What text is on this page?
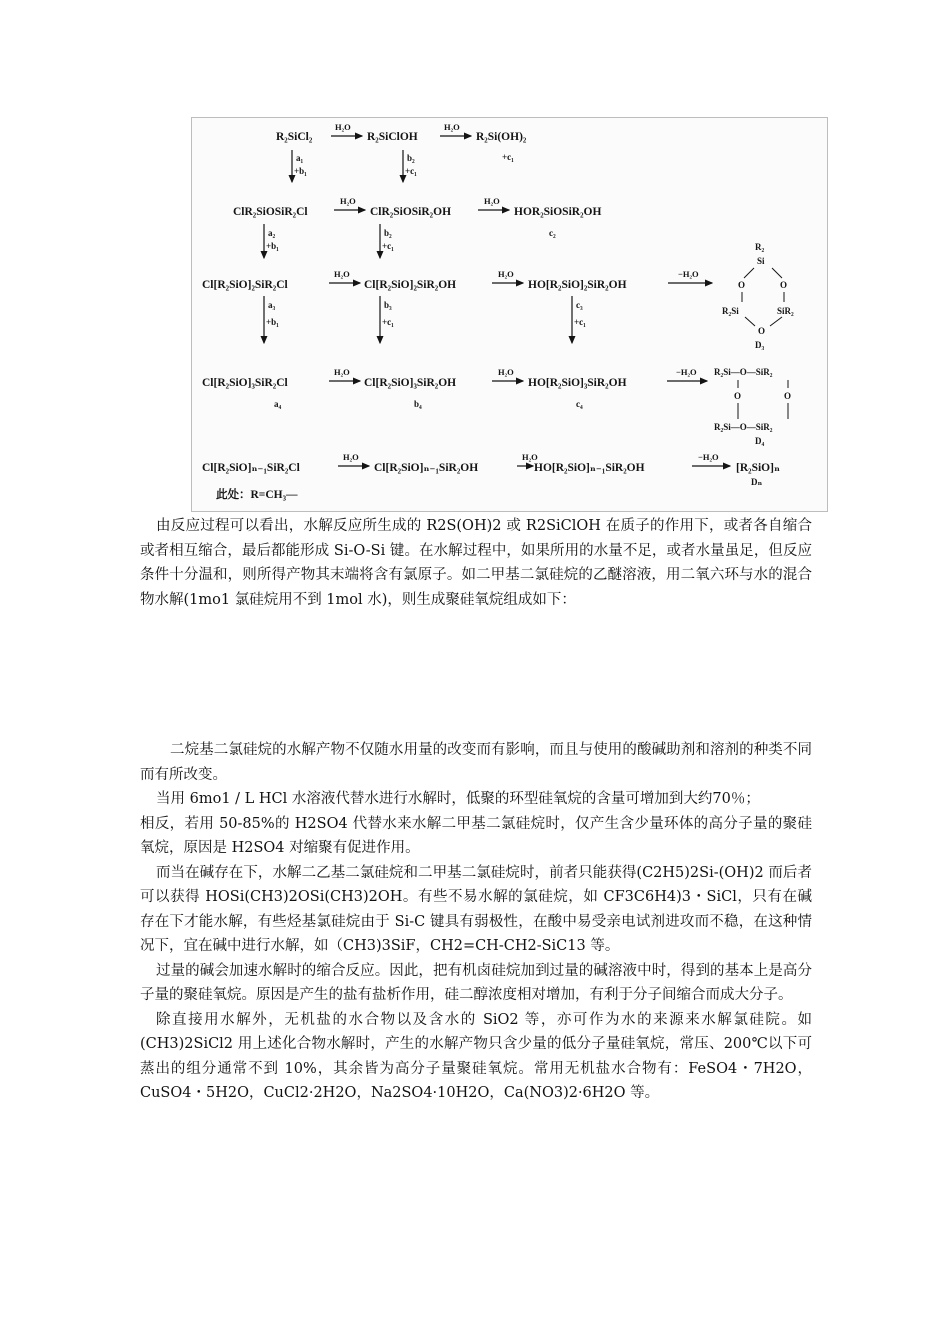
R₂SiCl₂
H₂O
R₂SiClOH
H₂O
R₂Si(OH)₂
+c₁
a₁
+b₁
b₂
+c₁
ClR₂SiOSiR₂Cl
H₂O
ClR₂SiOSiR₂OH
H₂O
HOR₂SiOSiR₂OH
c₂
a₂
+b₁
b₂
+c₁
Cl[R₂SiO]₂SiR₂Cl
H₂O
Cl[R₂SiO]₂SiR₂OH
H₂O
HO[R₂SiO]₂SiR₂OH
−H₂O
R₂
Si
O	O
R₂Si	SiR₂
O
D₃
a₃
+b₁
b₃
+c₁
c₃
+c₁
Cl[R₂SiO]₃SiR₂Cl
a₄
H₂O
Cl[R₂SiO]₃SiR₂OH
b₄
H₂O
HO[R₂SiO]₃SiR₂OH
c₄
−H₂O R₂Si—O—SiR₂
O	O
R₂Si—O—SiR₂
D₄
Cl[R₂SiO]ₙ₋₁SiR₂Cl
H₂O
Cl[R₂SiO]ₙ₋₁SiR₂OH
H₂O
HO[R₂SiO]ₙ₋₁SiR₂OH
−H₂O
[R₂SiO]ₙ
Dₙ
此处：R=CH₃—

由反应过程可以看出，水解反应所生成的 R2S(OH)2 或 R2SiClOH 在质子的作用下，或者各自缩合或者相互缩合，最后都能形成 Si-O-Si 键。在水解过程中，如果所用的水量不足，或者水量虽足，但反应条件十分温和，则所得产物其末端将含有氯原子。如二甲基二氯硅烷的乙醚溶液，用二氧六环与水的混合物水解(1mo1 氯硅烷用不到 1mol 水)，则生成聚硅氧烷组成如下：

二烷基二氯硅烷的水解产物不仅随水用量的改变而有影响，而且与使用的酸碱助剂和溶剂的种类不同而有所改变。

当用 6mo1 / L HCl 水溶液代替水进行水解时，低聚的环型硅氧烷的含量可增加到大约70％；

相反，若用 50-85%的 H2SO4 代替水来水解二甲基二氯硅烷时，仅产生含少量环体的高分子量的聚硅氧烷，原因是 H2SO4 对缩聚有促进作用。

而当在碱存在下，水解二乙基二氯硅烷和二甲基二氯硅烷时，前者只能获得(C2H5)2Si-(OH)2 而后者可以获得 HOSi(CH3)2OSi(CH3)2OH。有些不易水解的氯硅烷，如 CF3C6H4)3・SiCl，只有在碱存在下才能水解，有些烃基氯硅烷由于 Si-C 键具有弱极性，在酸中易受亲电试剂进攻而不稳，在这种情况下，宜在碱中进行水解，如（CH3)3SiF，CH2=CH-CH2-SiC13 等。

过量的碱会加速水解时的缩合反应。因此，把有机卤硅烷加到过量的碱溶液中时，得到的基本上是高分子量的聚硅氧烷。原因是产生的盐有盐析作用，硅二醇浓度相对增加，有利于分子间缩合而成大分子。

除直接用水解外，无机盐的水合物以及含水的 SiO2 等，亦可作为水的来源来水解氯硅院。如(CH3)2SiCl2 用上述化合物水解时，产生的水解产物只含少量的低分子量硅氧烷，常压、200℃以下可蒸出的组分通常不到 10%，其余皆为高分子量聚硅氧烷。常用无机盐水合物有：FeSO4・7H2O，CuSO4・5H2O，CuCl2·2H2O，Na2SO4·10H2O，Ca(NO3)2·6H2O 等。
